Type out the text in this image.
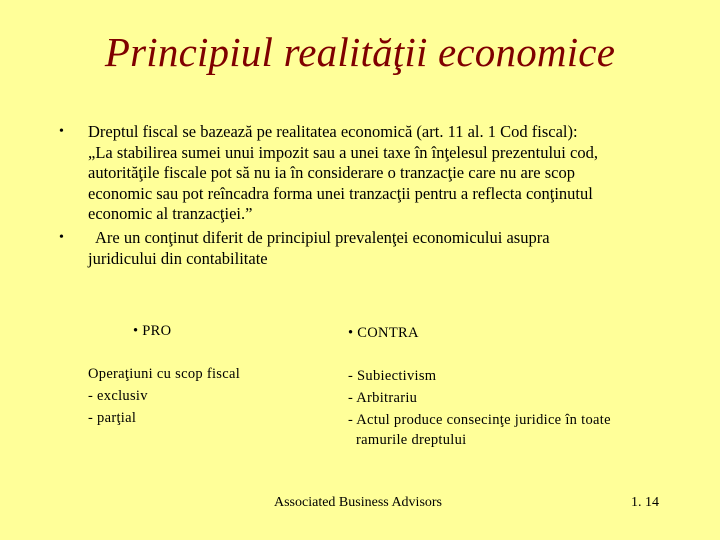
Principiul realităţii economice
• Dreptul fiscal se bazează pe realitatea economică (art. 11 al. 1 Cod fiscal):
„La stabilirea sumei unui impozit sau a unei taxe în înţelesul prezentului cod,
autorităţile fiscale pot să nu ia în considerare o tranzacţie care nu are scop
economic sau pot reîncadra forma unei tranzacţii pentru a reflecta conţinutul
economic al tranzacţiei.”
•	Are un conţinut diferit de principiul prevalenţei economicului asupra
juridicului din contabilitate
• PRO
Operaţiuni cu scop fiscal
- exclusiv
- parţial
• CONTRA
- Subiectivism
- Arbitrariu
- Actul produce consecinţe juridice în toate
ramurile dreptului
Associated Business Advisors	1. 14
